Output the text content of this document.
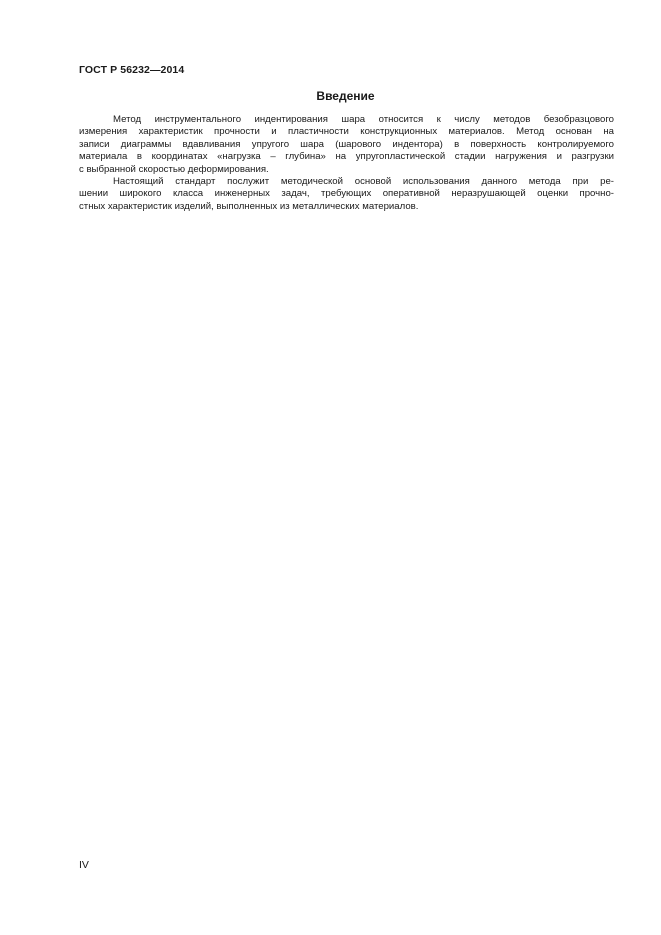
ГОСТ Р 56232—2014
Введение
Метод инструментального индентирования шара относится к числу методов безобразцового
измерения характеристик прочности и пластичности конструкционных материалов. Метод основан на
записи диаграммы вдавливания упругого шара (шарового индентора) в поверхность контролируемого
материала в координатах «нагрузка – глубина» на упругопластической стадии нагружения и разгрузки
с выбранной скоростью деформирования.
Настоящий стандарт послужит методической основой использования данного метода при ре-
шении широкого класса инженерных задач, требующих оперативной неразрушающей оценки прочно-
стных характеристик изделий, выполненных из металлических материалов.
IV
